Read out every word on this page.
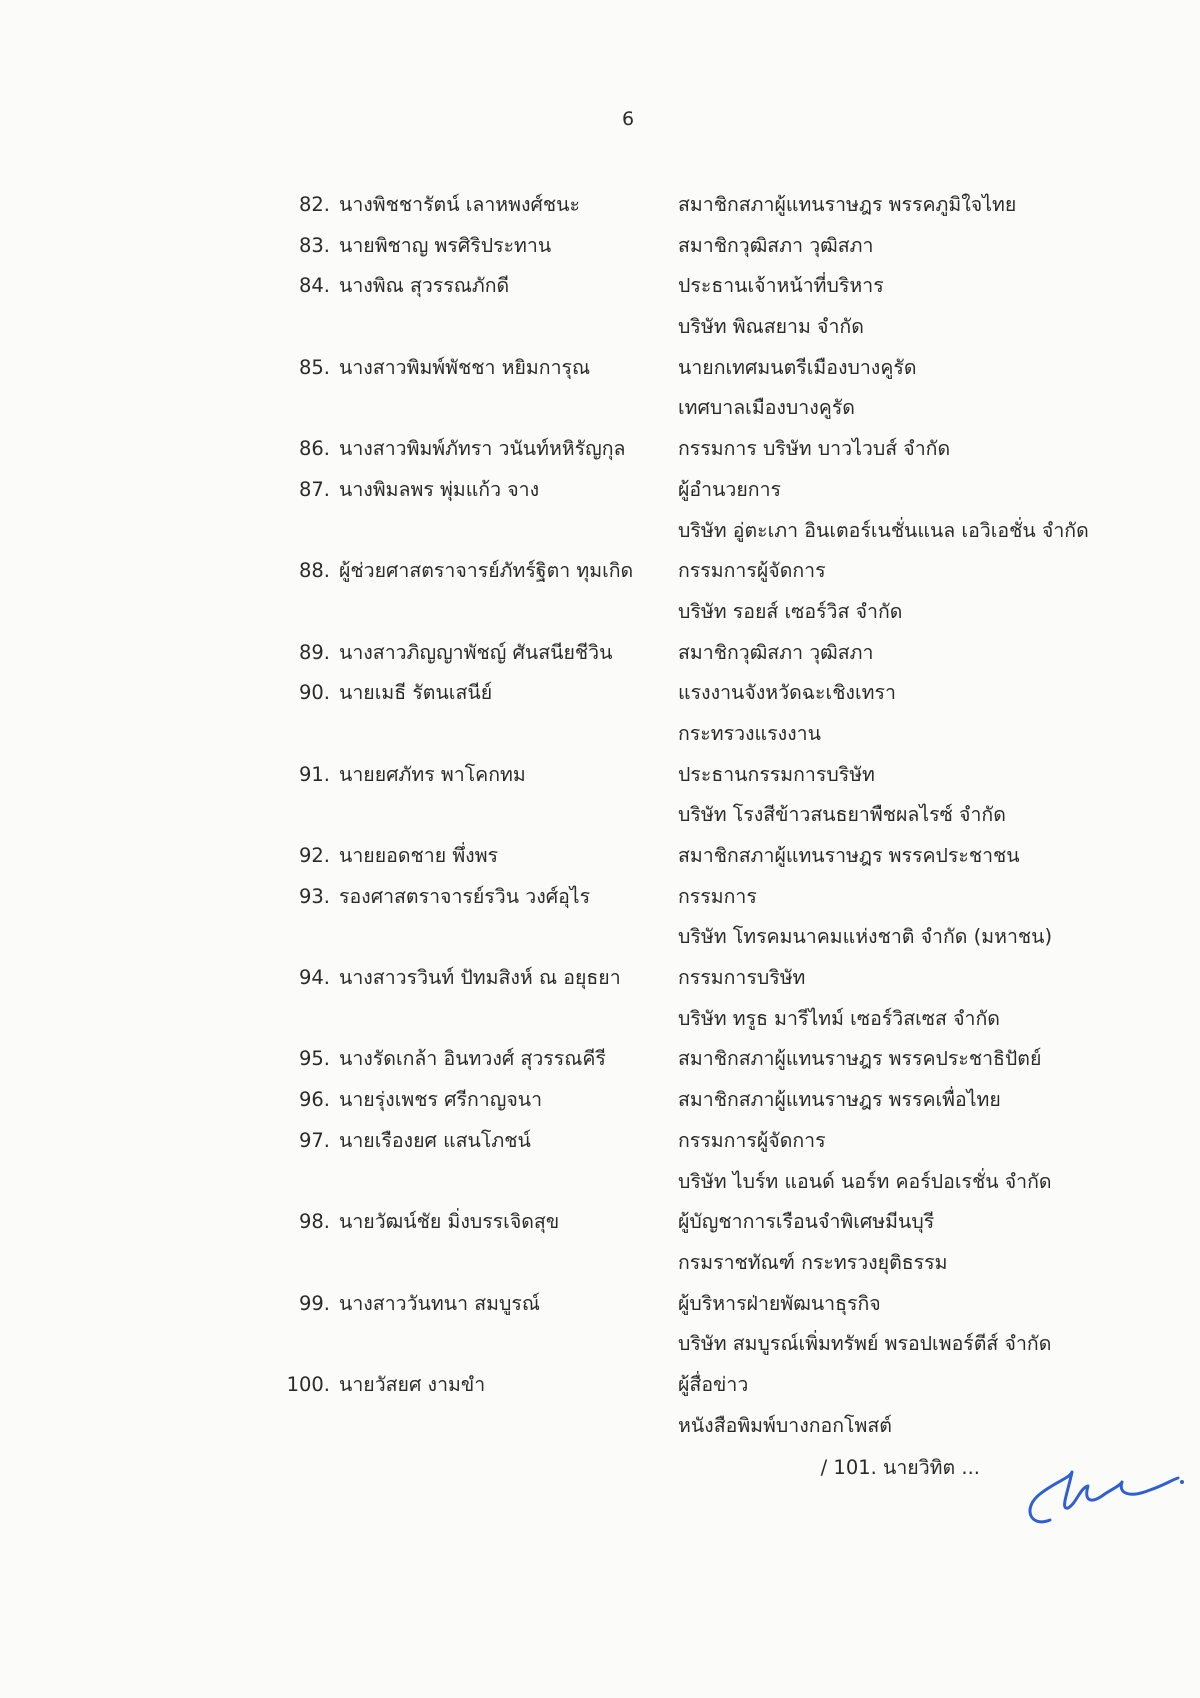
6
82. นางพิชชารัตน์ เลาหพงศ์ชนะ	สมาชิกสภาผู้แทนราษฎร พรรคภูมิใจไทย
83. นายพิชาญ พรศิริประทาน	สมาชิกวุฒิสภา วุฒิสภา
84. นางพิณ สุวรรณภักดี	ประธานเจ้าหน้าที่บริหาร
บริษัท พิณสยาม จำกัด
85. นางสาวพิมพ์พัชชา หยิมการุณ	นายกเทศมนตรีเมืองบางคูรัด
เทศบาลเมืองบางคูรัด
86. นางสาวพิมพ์ภัทรา วนันท์หหิรัญกุล	กรรมการ บริษัท บาวไวบส์ จำกัด
87. นางพิมลพร พุ่มแก้ว จาง	ผู้อำนวยการ
บริษัท อู่ตะเภา อินเตอร์เนชั่นแนล เอวิเอชั่น จำกัด
88. ผู้ช่วยศาสตราจารย์ภัทร์ฐิตา ทุมเกิด	กรรมการผู้จัดการ
บริษัท รอยส์ เซอร์วิส จำกัด
89. นางสาวภิญญาพัชญ์ ศันสนียชีวิน	สมาชิกวุฒิสภา วุฒิสภา
90. นายเมธี รัตนเสนีย์	แรงงานจังหวัดฉะเชิงเทรา
กระทรวงแรงงาน
91. นายยศภัทร พาโคกทม	ประธานกรรมการบริษัท
บริษัท โรงสีข้าวสนธยาพืชผลไรซ์ จำกัด
92. นายยอดชาย พึ่งพร	สมาชิกสภาผู้แทนราษฎร พรรคประชาชน
93. รองศาสตราจารย์รวิน วงศ์อุไร	กรรมการ
บริษัท โทรคมนาคมแห่งชาติ จำกัด (มหาชน)
94. นางสาวรวินท์ ปัทมสิงห์ ณ อยุธยา	กรรมการบริษัท
บริษัท ทรูธ มารีไทม์ เซอร์วิสเซส จำกัด
95. นางรัดเกล้า อินทวงศ์ สุวรรณคีรี	สมาชิกสภาผู้แทนราษฎร พรรคประชาธิปัตย์
96. นายรุ่งเพชร ศรีกาญจนา	สมาชิกสภาผู้แทนราษฎร พรรคเพื่อไทย
97. นายเรืองยศ แสนโภชน์	กรรมการผู้จัดการ
บริษัท ไบร์ท แอนด์ นอร์ท คอร์ปอเรชั่น จำกัด
98. นายวัฒน์ชัย มิ่งบรรเจิดสุข	ผู้บัญชาการเรือนจำพิเศษมีนบุรี
กรมราชทัณฑ์ กระทรวงยุติธรรม
99. นางสาววันทนา สมบูรณ์	ผู้บริหารฝ่ายพัฒนาธุรกิจ
บริษัท สมบูรณ์เพิ่มทรัพย์ พรอปเพอร์ตีส์ จำกัด
100. นายวัสยศ งามขำ	ผู้สื่อข่าว
หนังสือพิมพ์บางกอกโพสต์
/ 101. นายวิทิต ...
